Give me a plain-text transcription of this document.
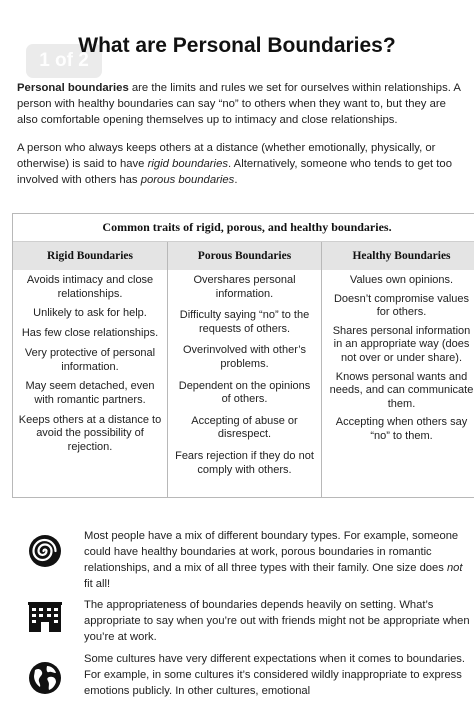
1 of 2
What are Personal Boundaries?

Personal boundaries are the limits and rules we set for ourselves within relationships. A person with healthy boundaries can say “no” to others when they want to, but they are also comfortable opening themselves up to intimacy and close relationships.

A person who always keeps others at a distance (whether emotionally, physically, or otherwise) is said to have rigid boundaries. Alternatively, someone who tends to get too involved with others has porous boundaries.

Common traits of rigid, porous, and healthy boundaries.
Rigid Boundaries
Avoids intimacy and close relationships.
Unlikely to ask for help.
Has few close relationships.
Very protective of personal information.
May seem detached, even with romantic partners.
Keeps others at a distance to avoid the possibility of rejection.
Porous Boundaries
Overshares personal information.
Difficulty saying “no” to the requests of others.
Overinvolved with other’s problems.
Dependent on the opinions of others.
Accepting of abuse or disrespect.
Fears rejection if they do not comply with others.
Healthy Boundaries
Values own opinions.
Doesn’t compromise values for others.
Shares personal information in an appropriate way (does not over or under share).
Knows personal wants and needs, and can communicate them.
Accepting when others say “no” to them.

Most people have a mix of different boundary types. For example, someone could have healthy boundaries at work, porous boundaries in romantic relationships, and a mix of all three types with their family. One size does not fit all!

The appropriateness of boundaries depends heavily on setting. What’s appropriate to say when you’re out with friends might not be appropriate when you’re at work.

Some cultures have very different expectations when it comes to boundaries. For example, in some cultures it’s considered wildly inappropriate to express emotions publicly. In other cultures, emotional
